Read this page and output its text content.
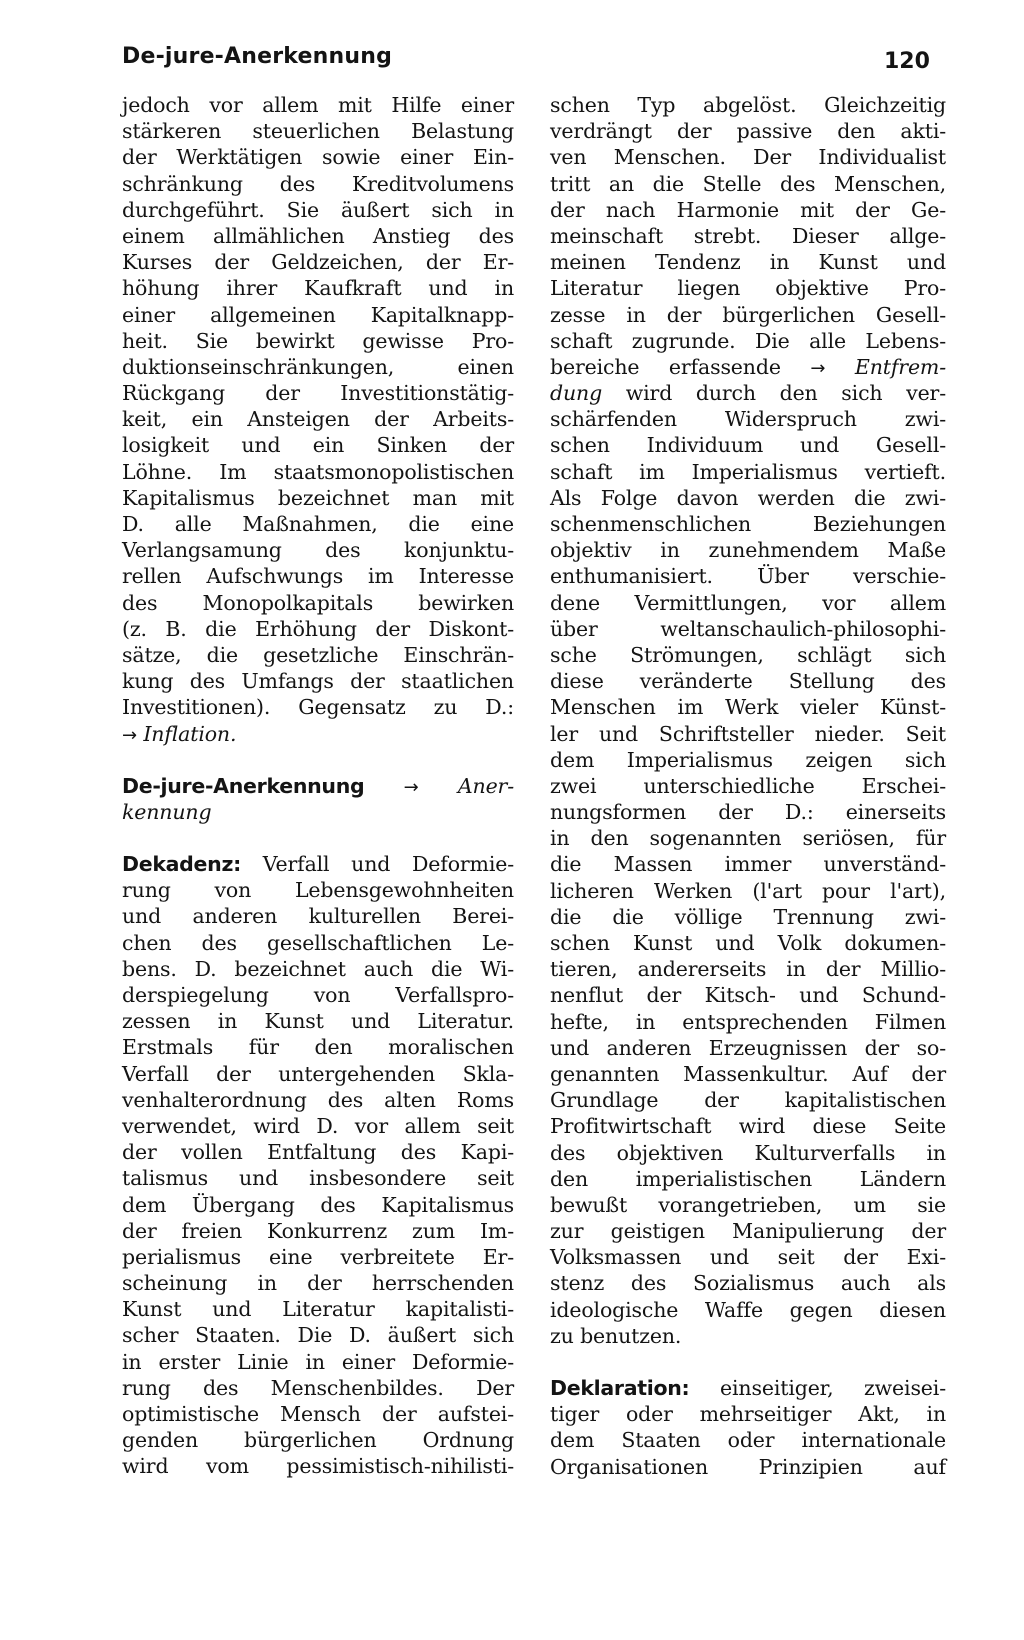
De-jure-Anerkennung	120
jedoch vor allem mit Hilfe einer
stärkeren steuerlichen Belastung
der Werktätigen sowie einer Ein-
schränkung des Kreditvolumens
durchgeführt. Sie äußert sich in
einem allmählichen Anstieg des
Kurses der Geldzeichen, der Er-
höhung ihrer Kaufkraft und in
einer allgemeinen Kapitalknapp-
heit. Sie bewirkt gewisse Pro-
duktionseinschränkungen, einen
Rückgang der Investitionstätig-
keit, ein Ansteigen der Arbeits-
losigkeit und ein Sinken der
Löhne. Im staatsmonopolistischen
Kapitalismus bezeichnet man mit
D. alle Maßnahmen, die eine
Verlangsamung des konjunktu-
rellen Aufschwungs im Interesse
des Monopolkapitals bewirken
(z. B. die Erhöhung der Diskont-
sätze, die gesetzliche Einschrän-
kung des Umfangs der staatlichen
Investitionen). Gegensatz zu D.:
→ Inflation.
De-jure-Anerkennung → Aner-
kennung
Dekadenz: Verfall und Deformie-
rung von Lebensgewohnheiten
und anderen kulturellen Berei-
chen des gesellschaftlichen Le-
bens. D. bezeichnet auch die Wi-
derspiegelung von Verfallspro-
zessen in Kunst und Literatur.
Erstmals für den moralischen
Verfall der untergehenden Skla-
venhalterordnung des alten Roms
verwendet, wird D. vor allem seit
der vollen Entfaltung des Kapi-
talismus und insbesondere seit
dem Übergang des Kapitalismus
der freien Konkurrenz zum Im-
perialismus eine verbreitete Er-
scheinung in der herrschenden
Kunst und Literatur kapitalisti-
scher Staaten. Die D. äußert sich
in erster Linie in einer Deformie-
rung des Menschenbildes. Der
optimistische Mensch der aufstei-
genden bürgerlichen Ordnung
wird vom pessimistisch-nihilisti-
schen Typ abgelöst. Gleichzeitig
verdrängt der passive den akti-
ven Menschen. Der Individualist
tritt an die Stelle des Menschen,
der nach Harmonie mit der Ge-
meinschaft strebt. Dieser allge-
meinen Tendenz in Kunst und
Literatur liegen objektive Pro-
zesse in der bürgerlichen Gesell-
schaft zugrunde. Die alle Lebens-
bereiche erfassende → Entfrem-
dung wird durch den sich ver-
schärfenden Widerspruch zwi-
schen Individuum und Gesell-
schaft im Imperialismus vertieft.
Als Folge davon werden die zwi-
schenmenschlichen Beziehungen
objektiv in zunehmendem Maße
enthumanisiert. Über verschie-
dene Vermittlungen, vor allem
über weltanschaulich-philosophi-
sche Strömungen, schlägt sich
diese veränderte Stellung des
Menschen im Werk vieler Künst-
ler und Schriftsteller nieder. Seit
dem Imperialismus zeigen sich
zwei unterschiedliche Erschei-
nungsformen der D.: einerseits
in den sogenannten seriösen, für
die Massen immer unverständ-
licheren Werken (l'art pour l'art),
die die völlige Trennung zwi-
schen Kunst und Volk dokumen-
tieren, andererseits in der Millio-
nenflut der Kitsch- und Schund-
hefte, in entsprechenden Filmen
und anderen Erzeugnissen der so-
genannten Massenkultur. Auf der
Grundlage der kapitalistischen
Profitwirtschaft wird diese Seite
des objektiven Kulturverfalls in
den imperialistischen Ländern
bewußt vorangetrieben, um sie
zur geistigen Manipulierung der
Volksmassen und seit der Exi-
stenz des Sozialismus auch als
ideologische Waffe gegen diesen
zu benutzen.
Deklaration: einseitiger, zweisei-
tiger oder mehrseitiger Akt, in
dem Staaten oder internationale
Organisationen Prinzipien auf
